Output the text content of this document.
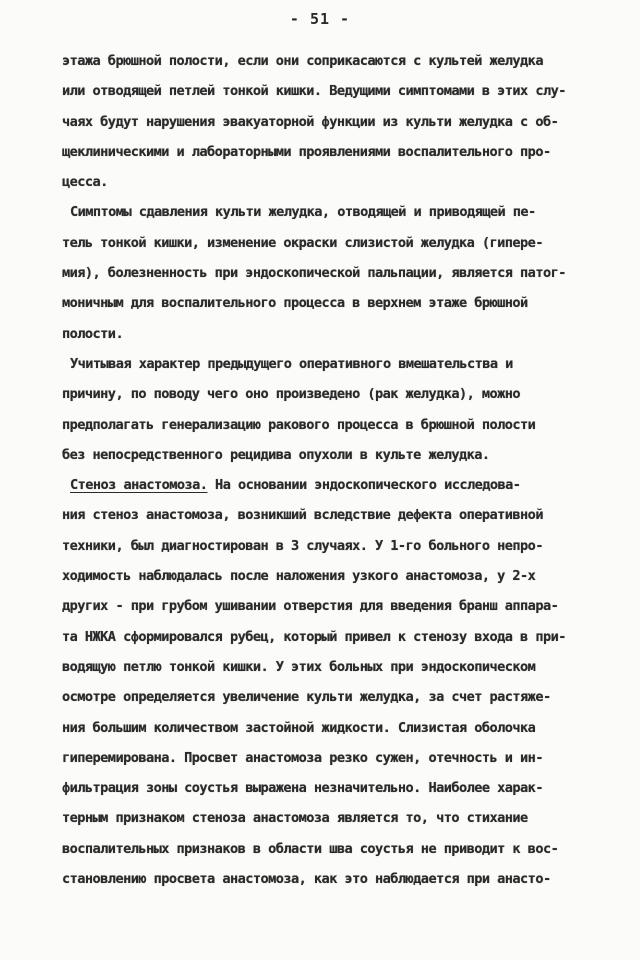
- 51 -
этажа брюшной полости, если они соприкасаются с культей желудка
или отводящей петлей тонкой кишки. Ведущими симптомами в этих слу-
чаях будут нарушения эвакуаторной функции из культи желудка с об-
щеклиническими и лабораторными проявлениями воспалительного про-
цесса.
Симптомы сдавления культи желудка, отводящей и приводящей пе-
тель тонкой кишки, изменение окраски слизистой желудка (гипере-
мия), болезненность при эндоскопической пальпации, является патог-
моничным для воспалительного процесса в верхнем этаже брюшной
полости.
Учитывая характер предыдущего оперативного вмешательства и
причину, по поводу чего оно произведено (рак желудка), можно
предполагать генерализацию ракового процесса в брюшной полости
без непосредственного рецидива опухоли в культе желудка.
Стеноз анастомоза. На основании эндоскопического исследова-
ния стеноз анастомоза, возникший вследствие дефекта оперативной
техники, был диагностирован в 3 случаях. У 1-го больного непро-
ходимость наблюдалась после наложения узкого анастомоза, у 2-х
других - при грубом ушивании отверстия для введения бранш аппара-
та НЖКА сформировался рубец, который привел к стенозу входа в при-
водящую петлю тонкой кишки. У этих больных при эндоскопическом
осмотре определяется увеличение культи желудка, за счет растяже-
ния большим количеством застойной жидкости. Слизистая оболочка
гиперемирована. Просвет анастомоза резко сужен, отечность и ин-
фильтрация зоны соустья выражена незначительно. Наиболее харак-
терным признаком стеноза анастомоза является то, что стихание
воспалительных признаков в области шва соустья не приводит к вос-
становлению просвета анастомоза, как это наблюдается при анасто-
